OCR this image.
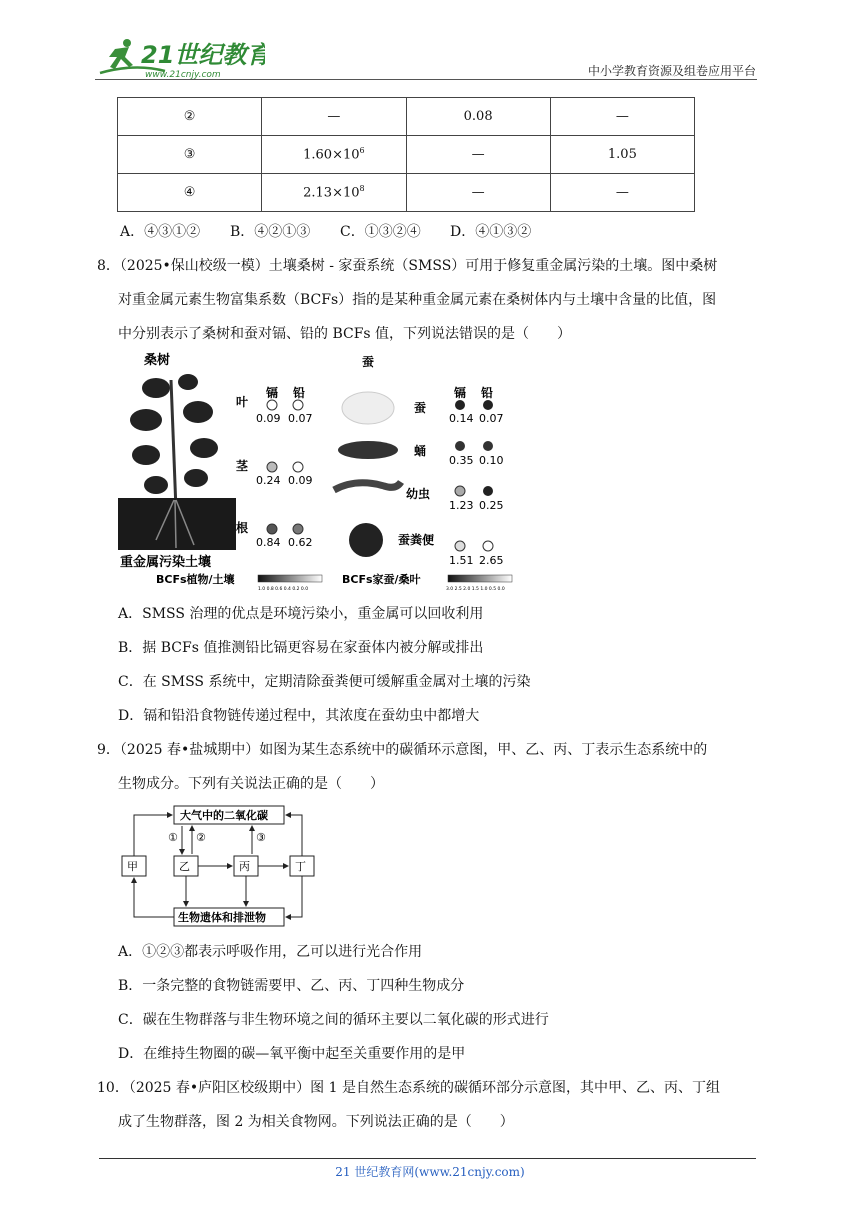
21世纪教育
www.21cnjy.com	中小学教育资源及组卷应用平台
②	—	0.08	—
③	$1.60\times 10^6$	—	1.05
④	$2.13\times 10^8$	—	—
A．④③①② B．④②①③ C．①③②④ D．④①③②
8．（2025•保山校级一模）土壤桑树 - 家蚕系统（SMSS）可用于修复重金属污染的土壤。图中桑树
对重金属元素生物富集系数（BCFs）指的是某种重金属元素在桑树体内与土壤中含量的比值，图
中分别表示了桑树和蚕对镉、铅的 BCFs 值，下列说法错误的是（　　）
桑树
重金属污染土壤
镉 铅
叶
0.09 0.07
茎
0.24 0.09
根
0.84 0.62
蚕
镉 铅
蚕
0.14 0.07
蛹
0.35 0.10
幼虫
1.23 0.25
蚕粪便
1.51 2.65
BCFs植物/土壤
1.0 0.8 0.6 0.4 0.2 0.0
BCFs家蚕/桑叶
3.0 2.5 2.0 1.5 1.0 0.5 0.0
A．SMSS 治理的优点是环境污染小，重金属可以回收利用
B．据 BCFs 值推测铅比镉更容易在家蚕体内被分解或排出
C．在 SMSS 系统中，定期清除蚕粪便可缓解重金属对土壤的污染
D．镉和铅沿食物链传递过程中，其浓度在蚕幼虫中都增大
9．（2025 春•盐城期中）如图为某生态系统中的碳循环示意图，甲、乙、丙、丁表示生态系统中的
生物成分。下列有关说法正确的是（　　）
大气中的二氧化碳
生物遗体和排泄物
甲	乙	丙	丁
① ②	③
A．①②③都表示呼吸作用，乙可以进行光合作用
B．一条完整的食物链需要甲、乙、丙、丁四种生物成分
C．碳在生物群落与非生物环境之间的循环主要以二氧化碳的形式进行
D．在维持生物圈的碳—氧平衡中起至关重要作用的是甲
10．（2025 春•庐阳区校级期中）图 1 是自然生态系统的碳循环部分示意图，其中甲、乙、丙、丁组
成了生物群落，图 2 为相关食物网。下列说法正确的是（　　）
21 世纪教育网(www.21cnjy.com)
